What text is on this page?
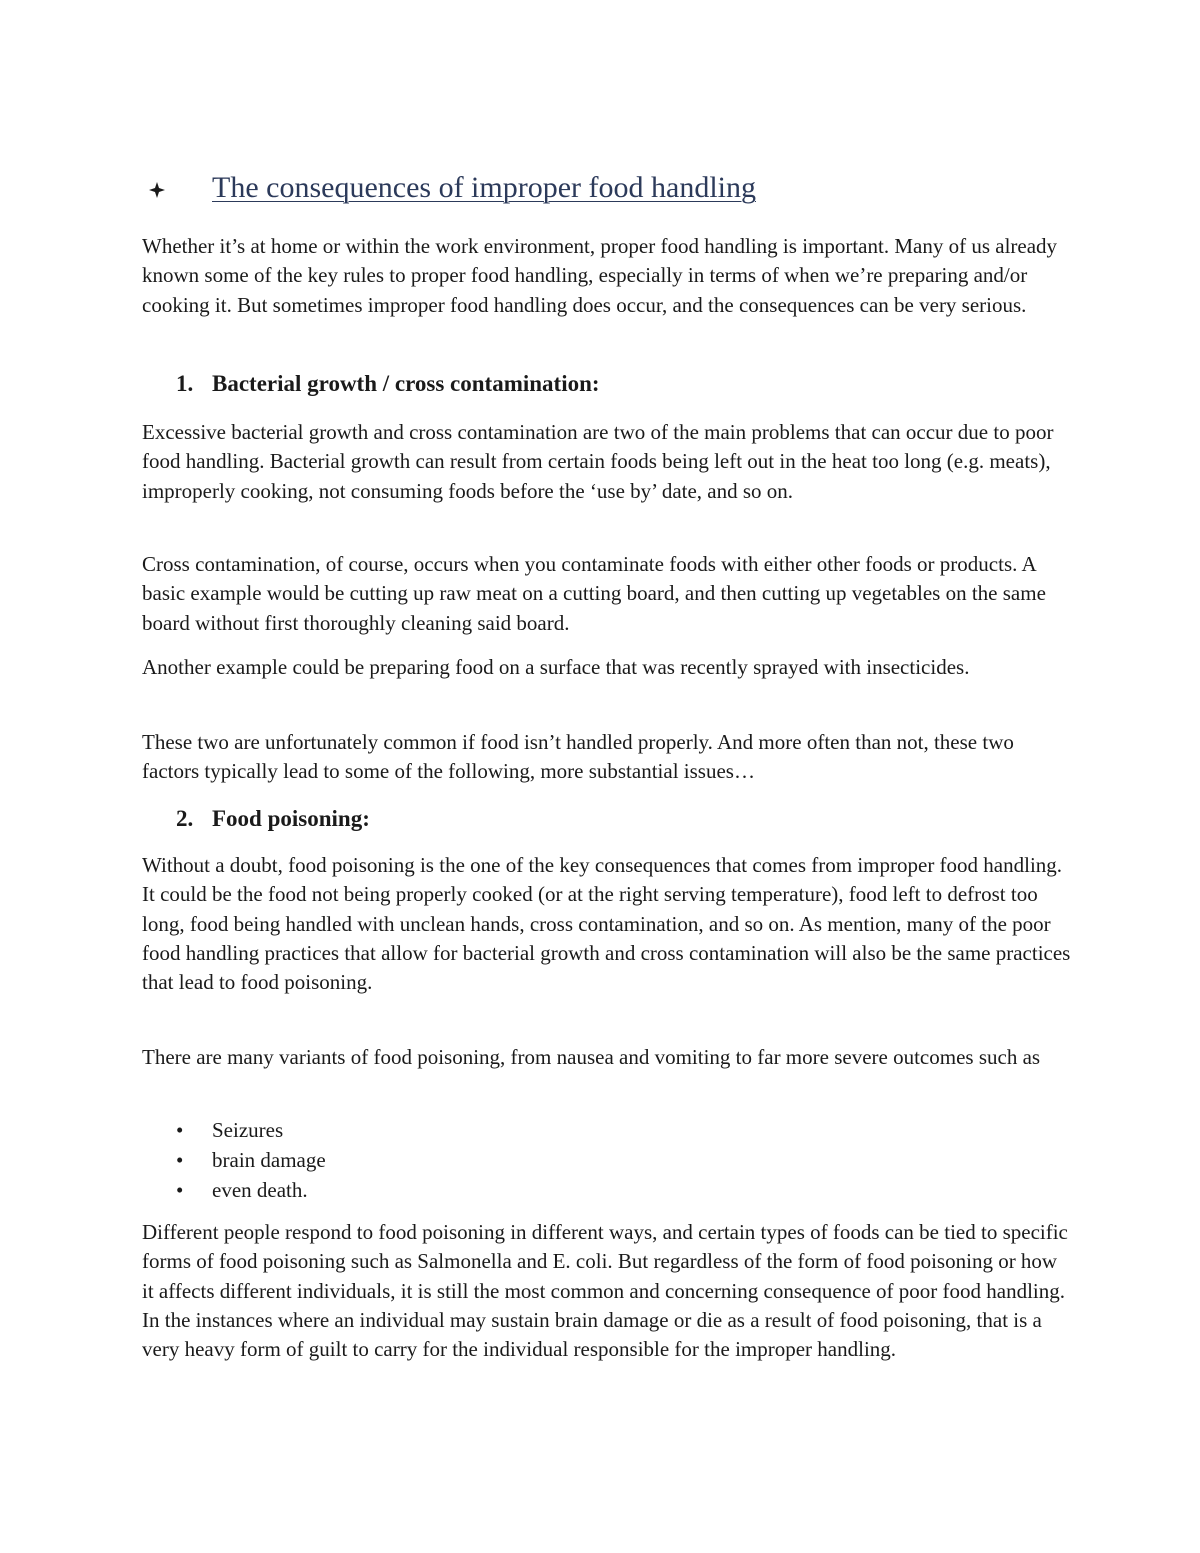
The consequences of improper food handling

Whether it’s at home or within the work environment, proper food handling is important. Many of us already known some of the key rules to proper food handling, especially in terms of when we’re preparing and/or cooking it. But sometimes improper food handling does occur, and the consequences can be very serious.

1. Bacterial growth / cross contamination:

Excessive bacterial growth and cross contamination are two of the main problems that can occur due to poor food handling. Bacterial growth can result from certain foods being left out in the heat too long (e.g. meats), improperly cooking, not consuming foods before the ‘use by’ date, and so on.

Cross contamination, of course, occurs when you contaminate foods with either other foods or products. A basic example would be cutting up raw meat on a cutting board, and then cutting up vegetables on the same board without first thoroughly cleaning said board.

Another example could be preparing food on a surface that was recently sprayed with insecticides.

These two are unfortunately common if food isn’t handled properly. And more often than not, these two factors typically lead to some of the following, more substantial issues…

2. Food poisoning:

Without a doubt, food poisoning is the one of the key consequences that comes from improper food handling. It could be the food not being properly cooked (or at the right serving temperature), food left to defrost too long, food being handled with unclean hands, cross contamination, and so on. As mention, many of the poor food handling practices that allow for bacterial growth and cross contamination will also be the same practices that lead to food poisoning.

There are many variants of food poisoning, from nausea and vomiting to far more severe outcomes such as

•	Seizures
•	brain damage
•	even death.

Different people respond to food poisoning in different ways, and certain types of foods can be tied to specific forms of food poisoning such as Salmonella and E. coli. But regardless of the form of food poisoning or how it affects different individuals, it is still the most common and concerning consequence of poor food handling. In the instances where an individual may sustain brain damage or die as a result of food poisoning, that is a very heavy form of guilt to carry for the individual responsible for the improper handling.
